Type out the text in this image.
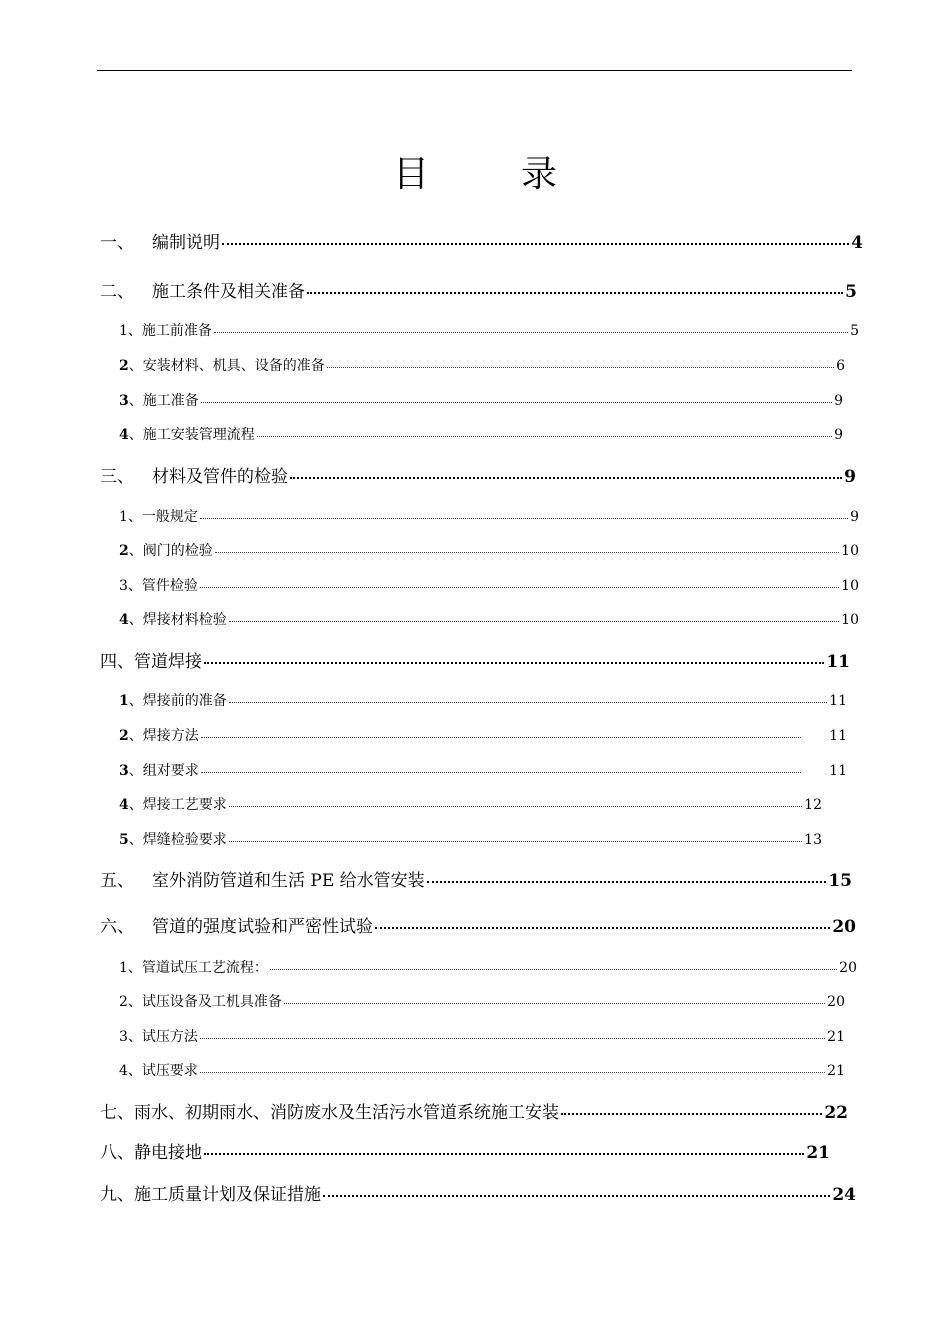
目	录
一、	编制说明	4
二、	施工条件及相关准备	5
1 、施工前准备	5
2 、安装材料、机具、设备的准备	6
3 、施工准备	9
4 、施工安装管理流程	9
三、	材料及管件的检验	9
1 、一般规定	9
2 、阀门的检验	10
3 、管件检验	10
4 、焊接材料检验	10
四、 管道焊接	11
1 、焊接前的准备	11
2 、焊接方法	11
3 、组对要求	11
4 、焊接工艺要求	12
5 、焊缝检验要求	13
五、	室外消防管道和生活 PE 给水管安装	15
六、	管道的强度试验和严密性试验	20
1 、管道试压工艺流程：	20
2 、试压设备及工机具准备	20
3 、试压方法	21
4 、试压要求	21
七、 雨水、初期雨水、消防废水及生活污水管道系统施工安装	22
八、 静电接地	21
九、 施工质量计划及保证措施	24
